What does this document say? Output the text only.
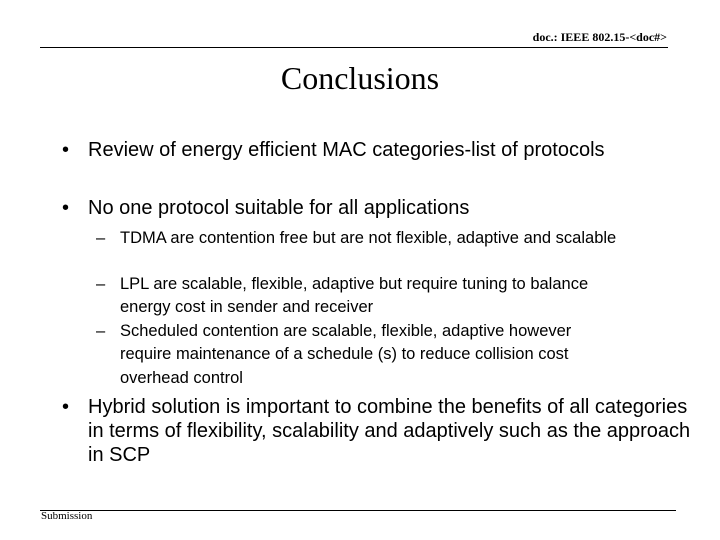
doc.: IEEE 802.15-<doc#>
Conclusions
• Review of energy efficient MAC categories-list of protocols
• No one protocol suitable for all applications
– TDMA are contention free but are not flexible, adaptive and scalable
– LPL are scalable, flexible, adaptive but require tuning to balance energy cost in sender and receiver
– Scheduled contention are scalable, flexible, adaptive however require maintenance of a schedule (s) to reduce collision cost overhead control
• Hybrid solution is important to combine the benefits of all categories in terms of flexibility, scalability and adaptively such as the approach in SCP
Submission
